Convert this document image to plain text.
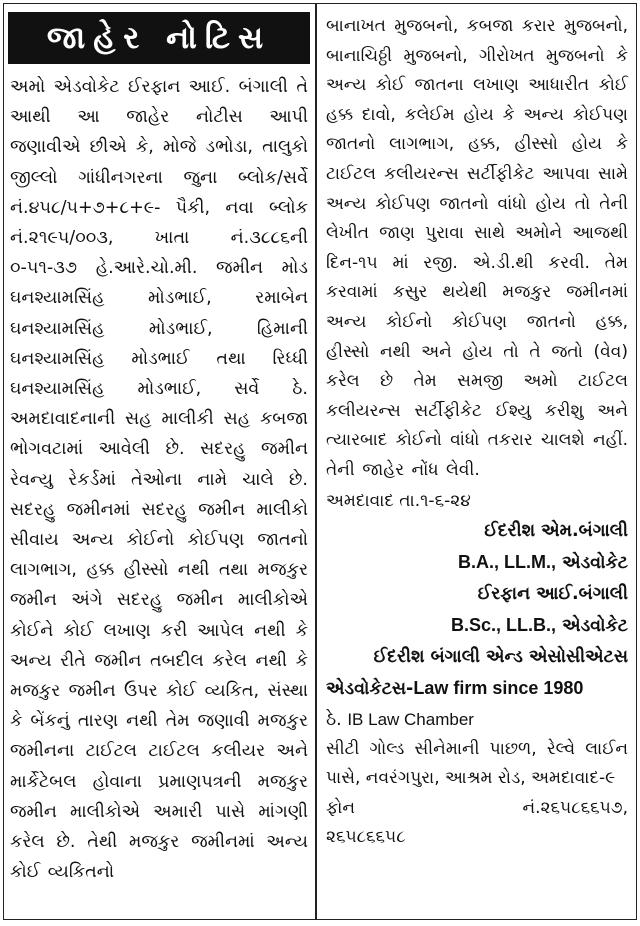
જાહેર નોટિસ

અમો એડવોકેટ ઈરફાન આઈ. બંગાલી તે આથી આ જાહેર નોટીસ આપી જણાવીએ છીએ કે, મોજે ડભોડા, તાલુકો જીલ્લો ગાંધીનગરના જુના બ્લોક/સર્વે નં.૪૫૮/૫+૭+૮+૯- પૈકી, નવા બ્લોક નં.૨૧૯૫/૦૦૩, ખાતા નં.૩૮૮૬ની ૦-૫૧-૩૭ હે.આરે.ચો.મી. જમીન મોડ ઘનશ્યામસિંહ મોડભાઈ, રમાબેન ઘનશ્યામસિંહ મોડભાઈ, હિમાની ઘનશ્યામસિંહ મોડભાઈ તથા રિધ્ધી ઘનશ્યામસિંહ મોડભાઈ, સર્વે ઠે. અમદાવાદનાની સહ માલીકી સહ કબજા ભોગવટામાં આવેલી છે. સદરહુ જમીન રેવન્યુ રેકર્ડમાં તેઓના નામે ચાલે છે. સદરહુ જમીનમાં સદરહુ જમીન માલીકો સીવાય અન્ય કોઈનો કોઈપણ જાતનો લાગભાગ, હક્ક હીસ્સો નથી તથા મજકુર જમીન અંગે સદરહુ જમીન માલીકોએ કોઈને કોઈ લખાણ કરી આપેલ નથી કે અન્ય રીતે જમીન તબદીલ કરેલ નથી કે મજકુર જમીન ઉપર કોઈ વ્યકિત, સંસ્થા કે બેંકનું તારણ નથી તેમ જણાવી મજકુર જમીનના ટાઈટલ ટાઈટલ કલીયર અને માર્કેટેબલ હોવાના પ્રમાણપત્રની મજકુર જમીન માલીકોએ અમારી પાસે માંગણી કરેલ છે. તેથી મજકુર જમીનમાં અન્ય કોઈ વ્યકિતનો

બાનાખત મુજબનો, કબજા કરાર મુજબનો, બાનાચિઠ્ઠી મુજબનો, ગીરોખત મુજબનો કે અન્ય કોઈ જાતના લખાણ આધારીત કોઈ હક્ક દાવો, કલેઈમ હોય કે અન્ય કોઈપણ જાતનો લાગભાગ, હક્ક, હીસ્સો હોય કે ટાઈટલ કલીયરન્સ સર્ટીફીકેટ આપવા સામે અન્ય કોઈપણ જાતનો વાંધો હોય તો તેની લેખીત જાણ પુરાવા સાથે અમોને આજથી દિન-૧૫ માં રજી. એ.ડી.થી કરવી. તેમ કરવામાં કસુર થયેથી મજકુર જમીનમાં અન્ય કોઈનો કોઈપણ જાતનો હક્ક, હીસ્સો નથી અને હોય તો તે જતો (વેવ) કરેલ છે તેમ સમજી અમો ટાઈટલ કલીયરન્સ સર્ટીફીકેટ ઈશ્યુ કરીશુ અને ત્યારબાદ કોઈનો વાંધો તકરાર ચાલશે નહીં. તેની જાહેર નોંધ લેવી.

અમદાવાદ તા.૧-૬-૨૪

ઈદરીશ એમ.બંગાલી

B.A., LL.M., એડવોકેટ

ઈરફાન આઈ.બંગાલી

B.Sc., LL.B., એડવોકેટ

ઈદરીશ બંગાલી એન્ડ એસોસીએટસ

એડવોકેટસ-Law firm since 1980

ઠે. IB Law Chamber

સીટી ગોલ્ડ સીનેમાની પાછળ, રેલ્વે લાઈન પાસે, નવરંગપુરા, આશ્રમ રોડ, અમદાવાદ-૯

ફોન	નં.૨૬૫૮૬૬૫૭,
૨૬૫૮૬૬૫૮
